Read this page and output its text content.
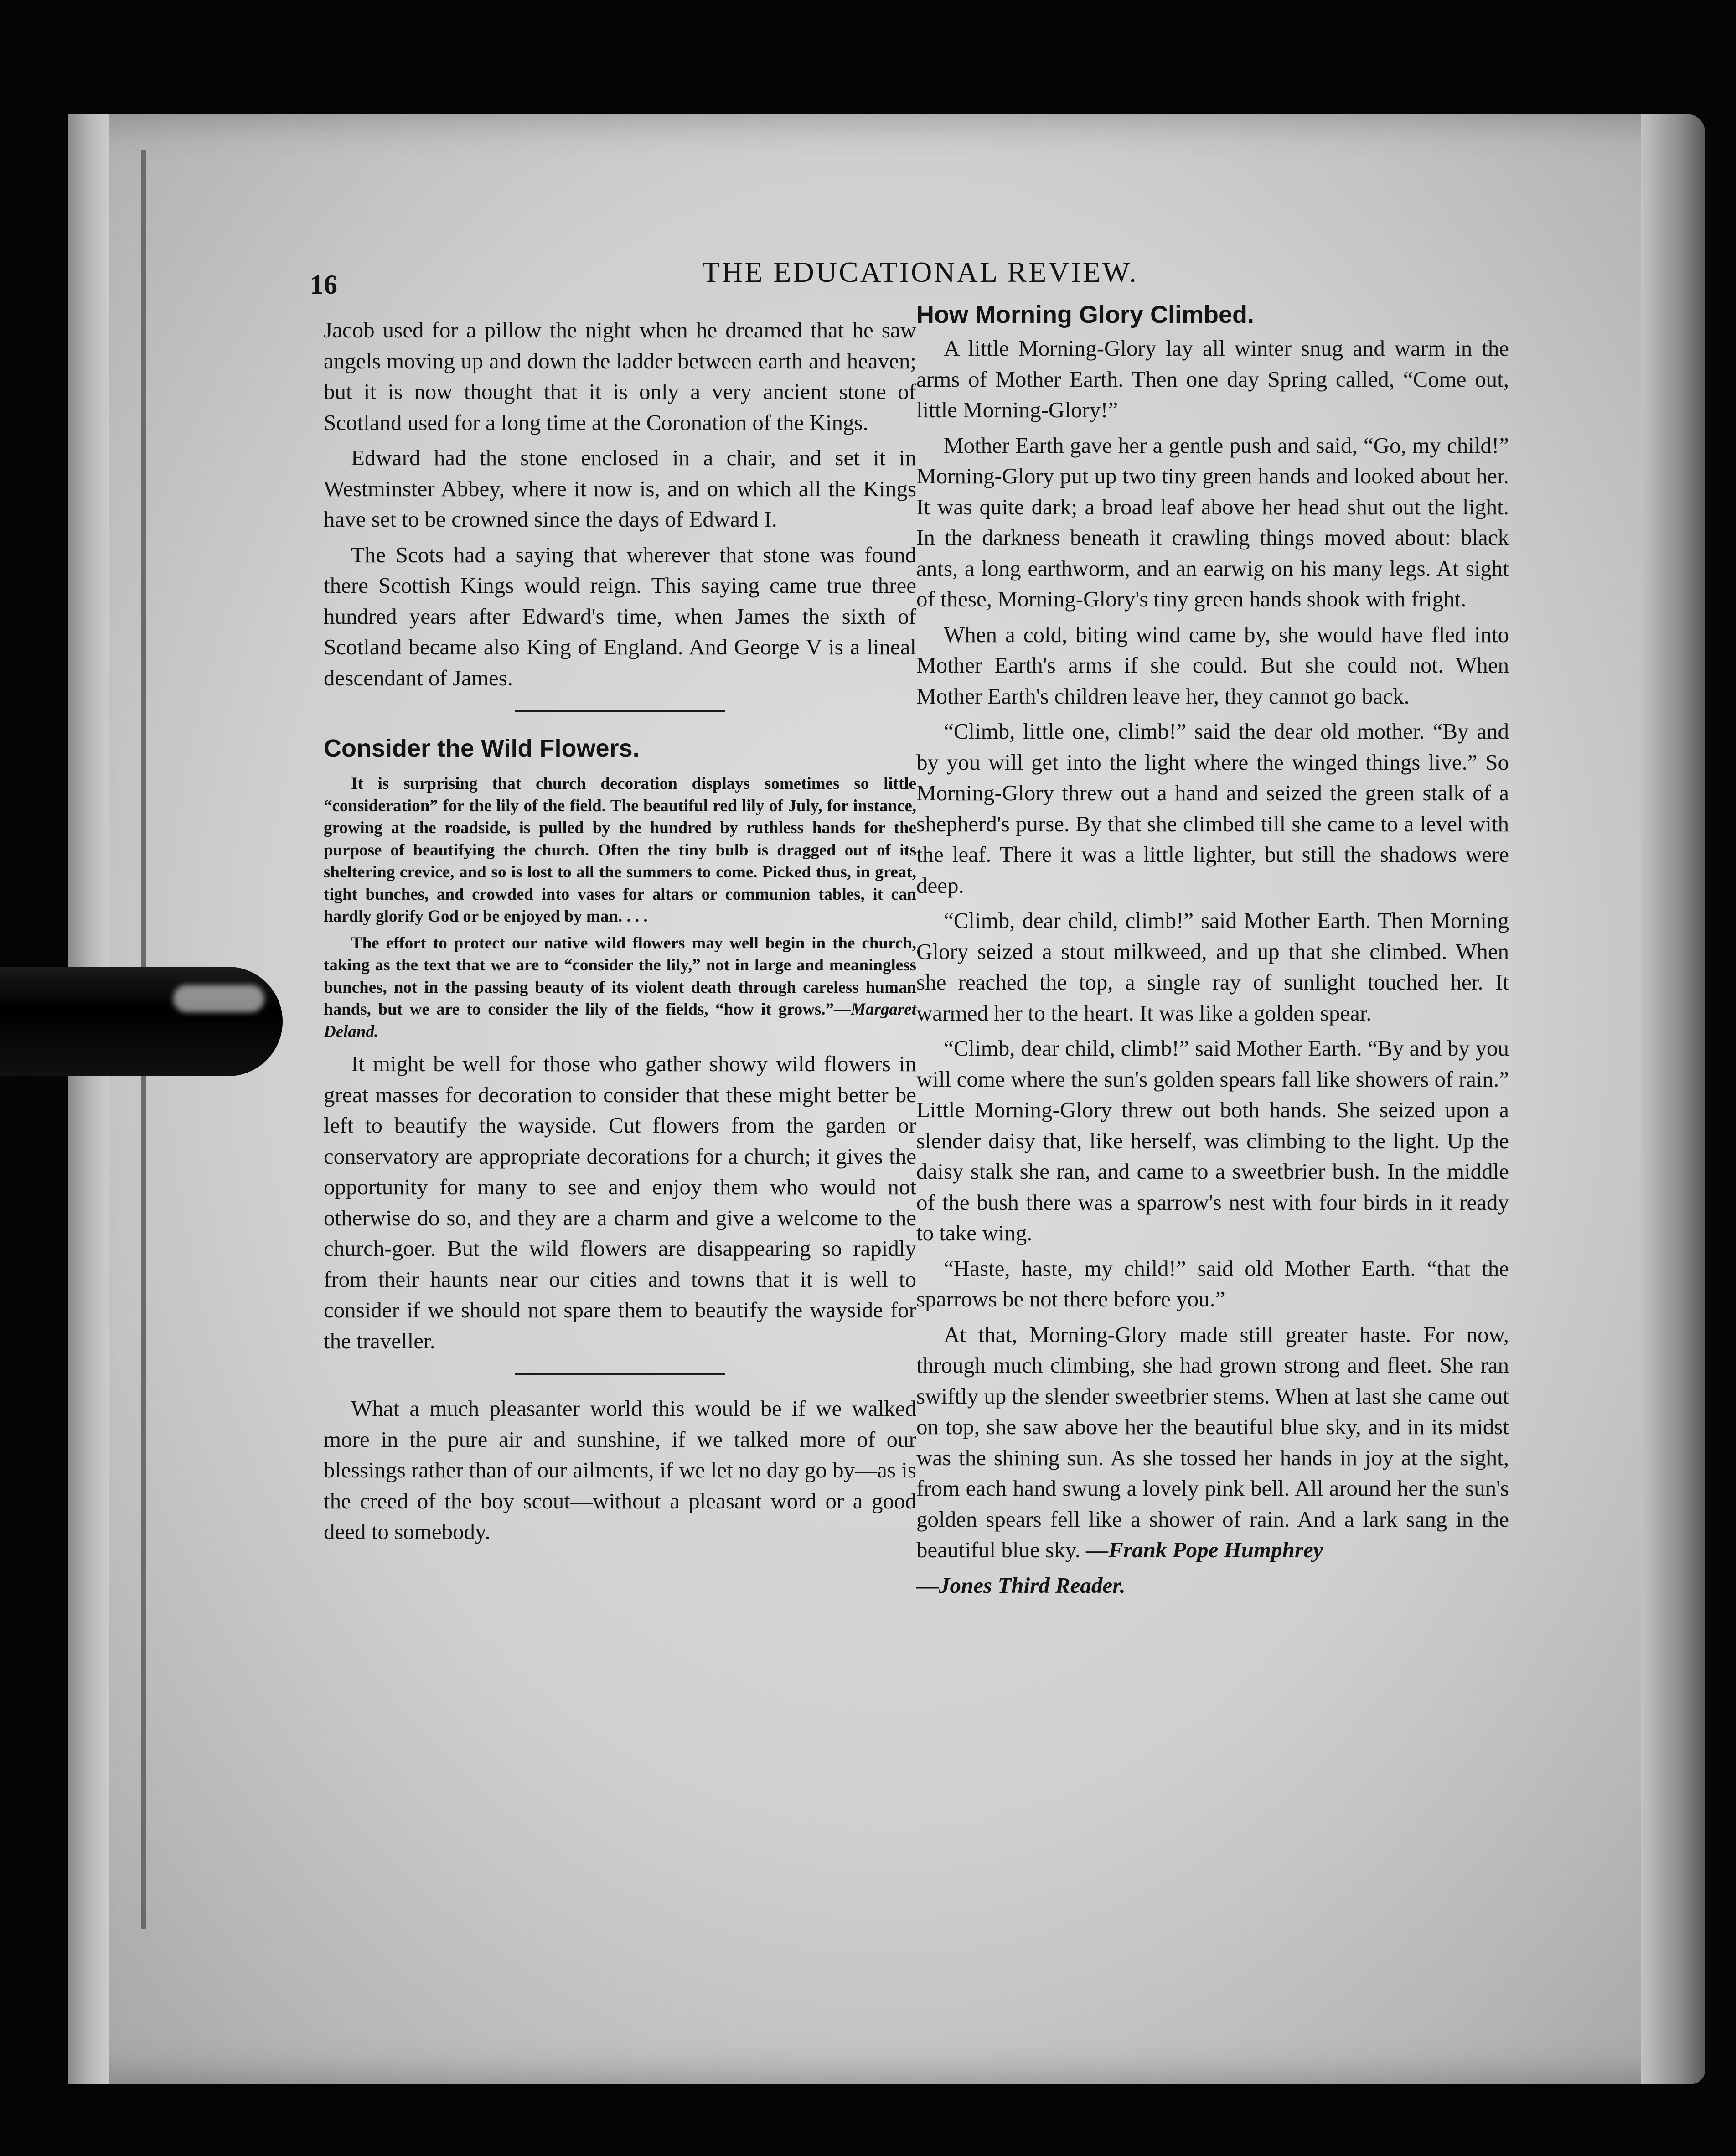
16	THE EDUCATIONAL REVIEW.

Jacob used for a pillow the night when he dreamed that he saw angels moving up and down the ladder between earth and heaven; but it is now thought that it is only a very ancient stone of Scotland used for a long time at the Coronation of the Kings.

Edward had the stone enclosed in a chair, and set it in Westminster Abbey, where it now is, and on which all the Kings have set to be crowned since the days of Edward I.

The Scots had a saying that wherever that stone was found there Scottish Kings would reign. This saying came true three hundred years after Edward's time, when James the sixth of Scotland became also King of England. And George V is a lineal descendant of James.

Consider the Wild Flowers.

It is surprising that church decoration displays sometimes so little “consideration” for the lily of the field. The beautiful red lily of July, for instance, growing at the roadside, is pulled by the hundred by ruthless hands for the purpose of beautifying the church. Often the tiny bulb is dragged out of its sheltering crevice, and so is lost to all the summers to come. Picked thus, in great, tight bunches, and crowded into vases for altars or communion tables, it can hardly glorify God or be enjoyed by man. . . .

The effort to protect our native wild flowers may well begin in the church, taking as the text that we are to “consider the lily,” not in large and meaningless bunches, not in the passing beauty of its violent death through careless human hands, but we are to consider the lily of the fields, “how it grows.”—Margaret Deland.

It might be well for those who gather showy wild flowers in great masses for decoration to consider that these might better be left to beautify the wayside. Cut flowers from the garden or conservatory are appropriate decorations for a church; it gives the opportunity for many to see and enjoy them who would not otherwise do so, and they are a charm and give a welcome to the church-goer. But the wild flowers are disappearing so rapidly from their haunts near our cities and towns that it is well to consider if we should not spare them to beautify the wayside for the traveller.

What a much pleasanter world this would be if we walked more in the pure air and sunshine, if we talked more of our blessings rather than of our ailments, if we let no day go by—as is the creed of the boy scout—without a pleasant word or a good deed to somebody.

How Morning Glory Climbed.

A little Morning-Glory lay all winter snug and warm in the arms of Mother Earth. Then one day Spring called, “Come out, little Morning-Glory!”

Mother Earth gave her a gentle push and said, “Go, my child!” Morning-Glory put up two tiny green hands and looked about her. It was quite dark; a broad leaf above her head shut out the light. In the darkness beneath it crawling things moved about: black ants, a long earthworm, and an earwig on his many legs. At sight of these, Morning-Glory's tiny green hands shook with fright.

When a cold, biting wind came by, she would have fled into Mother Earth's arms if she could. But she could not. When Mother Earth's children leave her, they cannot go back.

“Climb, little one, climb!” said the dear old mother. “By and by you will get into the light where the winged things live.” So Morning-Glory threw out a hand and seized the green stalk of a shepherd's purse. By that she climbed till she came to a level with the leaf. There it was a little lighter, but still the shadows were deep.

“Climb, dear child, climb!” said Mother Earth. Then Morning Glory seized a stout milkweed, and up that she climbed. When she reached the top, a single ray of sunlight touched her. It warmed her to the heart. It was like a golden spear.

“Climb, dear child, climb!” said Mother Earth. “By and by you will come where the sun's golden spears fall like showers of rain.” Little Morning-Glory threw out both hands. She seized upon a slender daisy that, like herself, was climbing to the light. Up the daisy stalk she ran, and came to a sweetbrier bush. In the middle of the bush there was a sparrow's nest with four birds in it ready to take wing.

“Haste, haste, my child!” said old Mother Earth. “that the sparrows be not there before you.”

At that, Morning-Glory made still greater haste. For now, through much climbing, she had grown strong and fleet. She ran swiftly up the slender sweetbrier stems. When at last she came out on top, she saw above her the beautiful blue sky, and in its midst was the shining sun. As she tossed her hands in joy at the sight, from each hand swung a lovely pink bell. All around her the sun's golden spears fell like a shower of rain. And a lark sang in the beautiful blue sky. —Frank Pope Humphrey

—Jones Third Reader.
